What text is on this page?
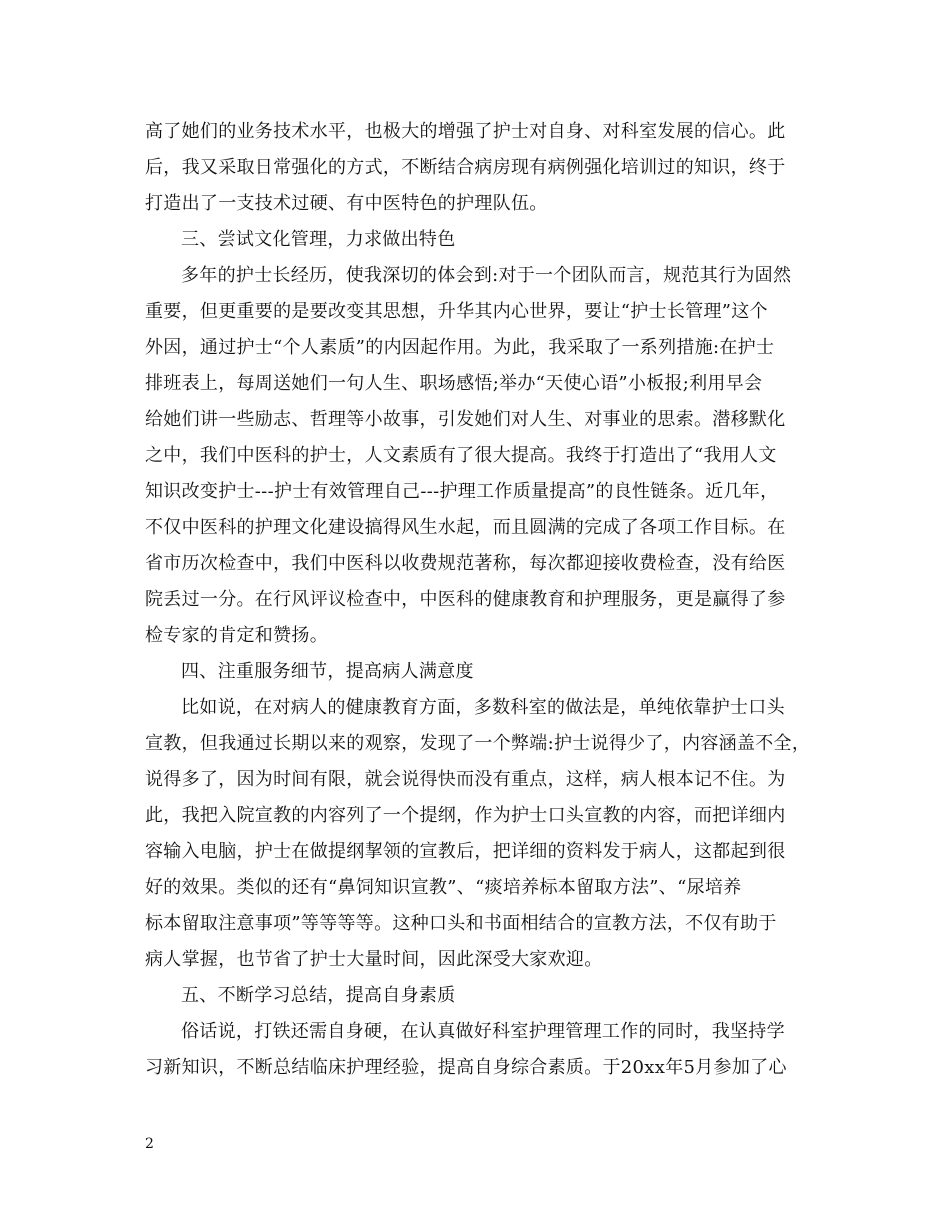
高了她们的业务技术水平，也极大的增强了护士对自身、对科室发展的信心。此
后，我又采取日常强化的方式，不断结合病房现有病例强化培训过的知识，终于
打造出了一支技术过硬、有中医特色的护理队伍。
三、尝试文化管理，力求做出特色
多年的护士长经历，使我深切的体会到:对于一个团队而言，规范其行为固然
重要，但更重要的是要改变其思想，升华其内心世界，要让“护士长管理”这个
外因，通过护士“个人素质”的内因起作用。为此，我采取了一系列措施:在护士
排班表上，每周送她们一句人生、职场感悟;举办“天使心语”小板报;利用早会
给她们讲一些励志、哲理等小故事，引发她们对人生、对事业的思索。潜移默化
之中，我们中医科的护士，人文素质有了很大提高。我终于打造出了“我用人文
知识改变护士---护士有效管理自己---护理工作质量提高”的良性链条。近几年，
不仅中医科的护理文化建设搞得风生水起，而且圆满的完成了各项工作目标。在
省市历次检查中，我们中医科以收费规范著称，每次都迎接收费检查，没有给医
院丢过一分。在行风评议检查中，中医科的健康教育和护理服务，更是赢得了参
检专家的肯定和赞扬。
四、注重服务细节，提高病人满意度
比如说，在对病人的健康教育方面，多数科室的做法是，单纯依靠护士口头
宣教，但我通过长期以来的观察，发现了一个弊端:护士说得少了，内容涵盖不全，
说得多了，因为时间有限，就会说得快而没有重点，这样，病人根本记不住。为
此，我把入院宣教的内容列了一个提纲，作为护士口头宣教的内容，而把详细内
容输入电脑，护士在做提纲挈领的宣教后，把详细的资料发于病人，这都起到很
好的效果。类似的还有“鼻饲知识宣教”、“痰培养标本留取方法”、“尿培养
标本留取注意事项”等等等等。这种口头和书面相结合的宣教方法，不仅有助于
病人掌握，也节省了护士大量时间，因此深受大家欢迎。
五、不断学习总结，提高自身素质
俗话说，打铁还需自身硬，在认真做好科室护理管理工作的同时，我坚持学
习新知识，不断总结临床护理经验，提高自身综合素质。于20xx年5月参加了心
2
